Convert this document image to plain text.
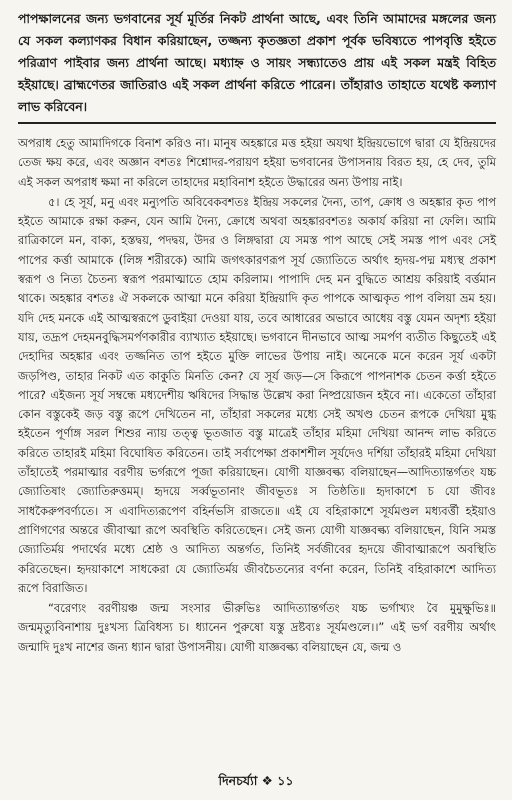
পাপক্ষালনের জন্য ভগবানের সূর্য মূর্তির নিকট প্রার্থনা আছে, এবং তিনি আমাদের মঙ্গলের জন্য যে সকল কল্যাণকর বিধান করিয়াছেন, তজ্জন্য কৃতজ্ঞতা প্রকাশ পূর্বক ভবিষ্যতে পাপবৃত্তি হইতে পরিত্রাণ পাইবার জন্য প্রার্থনা আছে। মধ্যাহ্ন ও সায়ং সন্ধ্যাতেও প্রায় এই সকল মন্ত্রই বিহিত হইয়াছে। ব্রাহ্মণেতর জাতিরাও এই সকল প্রার্থনা করিতে পারেন। তাঁহারাও তাহাতে যথেষ্ট কল্যাণ লাভ করিবেন।

অপরাধ হেতু আমাদিগকে বিনাশ করিও না। মানুষ অহঙ্কারে মত্ত হইয়া অযথা ইন্দ্রিয়ভোগে দ্বারা যে ইন্দ্রিয়দের তেজ ক্ষয় করে, এবং অজ্ঞান বশতঃ শিশ্নোদর-পরায়ণ হইয়া ভগবানের উপাসনায় বিরত হয়, হে দেব, তুমি এই সকল অপরাধ ক্ষমা না করিলে তাহাদের মহাবিনাশ হইতে উদ্ধারের অন্য উপায় নাই।

৫। হে সূর্য, মনু এবং মন্যুপতি অবিবেকবশতঃ ইন্দ্রিয় সকলের দৈন্য, তাপ, ক্রোধ ও অহঙ্কার কৃত পাপ হইতে আমাকে রক্ষা করুন, যেন আমি দৈন্য, ক্রোধে অথবা অহঙ্কারবশতঃ অকার্য করিয়া না ফেলি। আমি রাত্রিকালে মন, বাক্য, হস্তদ্বয়, পদদ্বয়, উদর ও লিঙ্গদ্বারা যে সমস্ত পাপ আছে সেই সমস্ত পাপ এবং সেই পাপের কর্ত্তা আমাকে (লিঙ্গ শরীরকে) আমি জগৎকারণরূপ সূর্য জ্যোতিতে অর্থাৎ হৃদয়-পদ্ম মধ্যস্থ প্রকাশ স্বরূপ ও নিত্য চৈতন্য স্বরূপ পরমাত্মাতে হোম করিলাম। পাপাদি দেহ মন বুদ্ধিতে আশ্রয় করিয়াই বর্ত্তমান থাকে। অহঙ্কার বশতঃ ঐ সকলকে আত্মা মনে করিয়া ইন্দ্রিয়াদি কৃত পাপকে আত্মকৃত পাপ বলিয়া ভ্রম হয়। যদি দেহ মনকে এই আত্মস্বরূপে ডুবাইয়া দেওয়া যায়, তবে আধারের অভাবে আধেয় বস্তু যেমন অদৃশ্য হইয়া যায়, তদ্রূপ দেহমনবুদ্ধিসমর্পণকারীর ব্যাখ্যাত হইয়াছে। ভগবানে দীনভাবে আত্ম সমর্পণ ব্যতীত কিছুতেই এই দেহাদির অহঙ্কার এবং তজ্জনিত তাপ হইতে মুক্তি লাভের উপায় নাই। অনেকে মনে করেন সূর্য একটা জড়পিণ্ড, তাহার নিকট এত কাকুতি মিনতি কেন? যে সূর্য জড়—সে কিরূপে পাপনাশক চেতন কর্ত্তা হইতে পারে? এইজন্য সূর্য সম্বন্ধে মধ্যদেশীয় ঋষিদের সিদ্ধান্ত উল্লেখ করা নিষ্প্রয়োজন হইবে না। একেতো তাঁহারা কোন বস্তুকেই জড় বস্তু রূপে দেখিতেন না, তাঁহারা সকলের মধ্যে সেই অখণ্ড চেতন রূপকে দেখিয়া মুগ্ধ হইতেন পূর্ণাঙ্গ সরল শিশুর ন্যায় তত্ত্ব ভূতজাত বস্তু মাত্রেই তাঁহার মহিমা দেখিয়া আনন্দ লাভ করিতে করিতে তাহারই মহিমা বিঘোষিত করিতেন। তাই সর্বাপেক্ষা প্রকাশশীল সূর্যদেও দর্শিয়া তাঁহারই মহিমা দেখিয়া তাঁহাতেই পরমাত্মার বরণীয় ভর্গরূপে পূজা করিয়াছেন। যোগী যাজ্ঞবল্ক্য বলিয়াছেন—আদিত্যান্তর্গতং যচ্চ জ্যোতিষাং জ্যোতিরুত্তমম্। হৃদয়ে সর্ব্বভূতানাং জীবভূতঃ স তিষ্ঠতি॥ হৃদাকাশে চ যো জীবঃ সাধকৈরুপবর্ণ্যতে। স এবাদিত্যরূপেণ বহির্নভসি রাজতে॥ এই যে বহিরাকাশে সূর্যমণ্ডল মধ্যবর্ত্তী হইয়াও প্রাণিগণের অন্তরে জীবাত্মা রূপে অবস্থিতি করিতেছেন। সেই জন্য যোগী যাজ্ঞবল্ক্য বলিয়াছেন, যিনি সমস্ত জ্যোতির্ময় পদার্থের মধ্যে শ্রেষ্ঠ ও আদিত্য অন্তর্গত, তিনিই সর্বজীবের হৃদয়ে জীবাত্মারূপে অবস্থিতি করিতেছেন। হৃদয়াকাশে সাধকেরা যে জ্যোতির্ময় জীবচৈতন্যের বর্ণনা করেন, তিনিই বহিরাকাশে আদিত্য রূপে বিরাজিত।

“বরেণ্যং বরণীয়ঞ্চ জন্ম সংসার ভীরুভিঃ আদিত্যান্তর্গতং যচ্চ ভর্গাখ্যং বৈ মুমুক্ষুভিঃ॥ জন্মমৃত্যুবিনাশায় দুঃখস্য ত্রিবিধস্য চ। ধ্যানেন পুরুষো যস্তু দ্রষ্টব্যঃ সূর্যমণ্ডলে।।” এই ভর্গ বরণীয় অর্থাৎ জন্মাদি দুঃখ নাশের জন্য ধ্যান দ্বারা উপাসনীয়। যোগী যাজ্ঞবল্ক্য বলিয়াছেন যে, জন্ম ও

দিনচর্য্যা ❖ ১১
